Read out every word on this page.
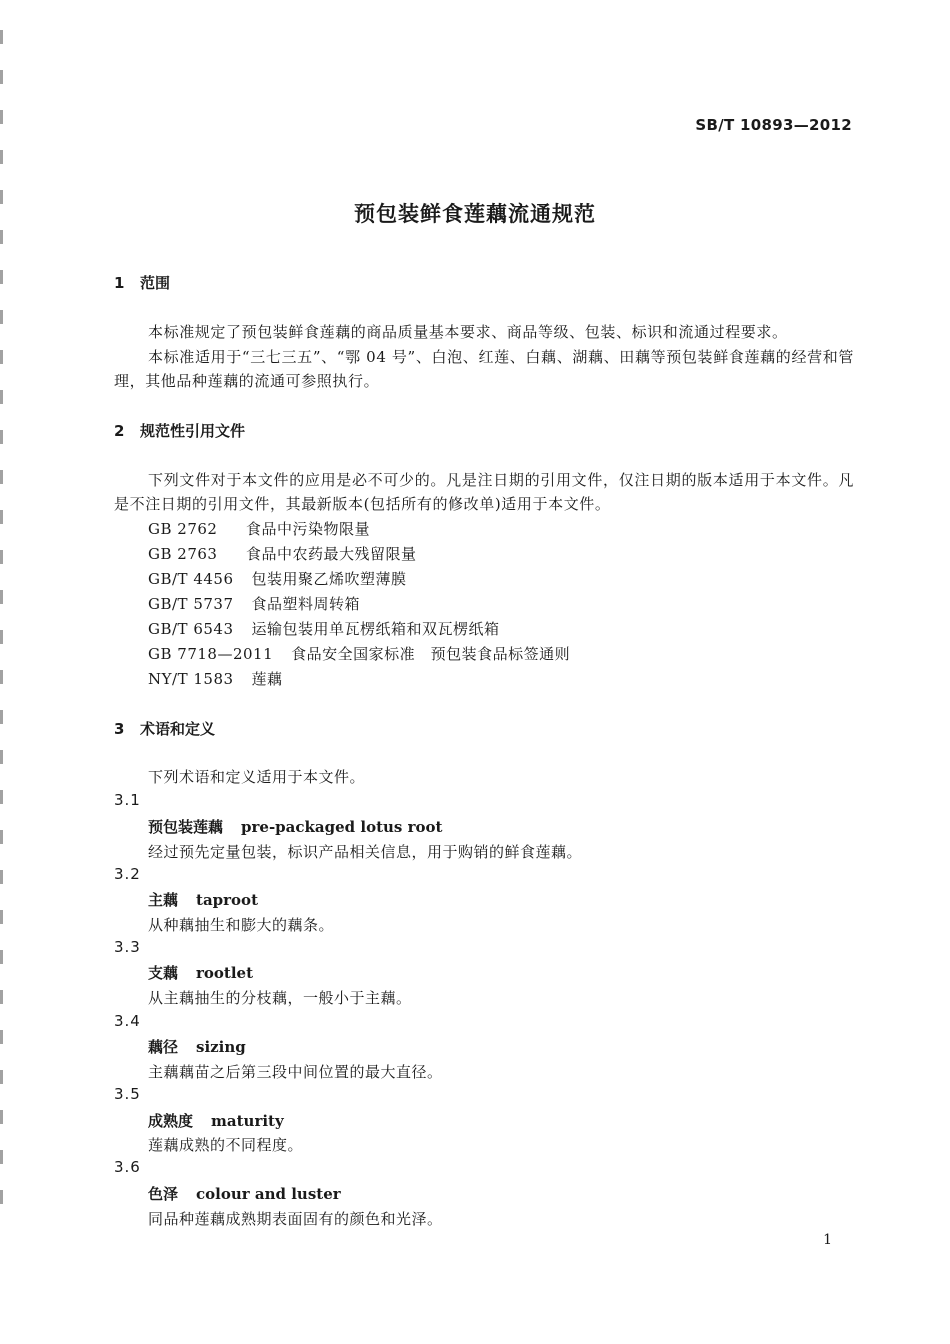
SB/T 10893—2012
预包装鲜食莲藕流通规范
1 范围
本标准规定了预包装鲜食莲藕的商品质量基本要求、商品等级、包装、标识和流通过程要求。
本标准适用于“三七三五”、“鄂 04 号”、白泡、红莲、白藕、湖藕、田藕等预包装鲜食莲藕的经营和管理，其他品种莲藕的流通可参照执行。
2 规范性引用文件
下列文件对于本文件的应用是必不可少的。凡是注日期的引用文件，仅注日期的版本适用于本文件。凡是不注日期的引用文件，其最新版本(包括所有的修改单)适用于本文件。
GB 2762 食品中污染物限量
GB 2763 食品中农药最大残留限量
GB/T 4456 包装用聚乙烯吹塑薄膜
GB/T 5737 食品塑料周转箱
GB/T 6543 运输包装用单瓦楞纸箱和双瓦楞纸箱
GB 7718—2011 食品安全国家标准　预包装食品标签通则
NY/T 1583 莲藕
3 术语和定义
下列术语和定义适用于本文件。
3.1
预包装莲藕 pre-packaged lotus root
经过预先定量包装，标识产品相关信息，用于购销的鲜食莲藕。
3.2
主藕 taproot
从种藕抽生和膨大的藕条。
3.3
支藕 rootlet
从主藕抽生的分枝藕，一般小于主藕。
3.4
藕径 sizing
主藕藕苗之后第三段中间位置的最大直径。
3.5
成熟度 maturity
莲藕成熟的不同程度。
3.6
色泽 colour and luster
同品种莲藕成熟期表面固有的颜色和光泽。
1
